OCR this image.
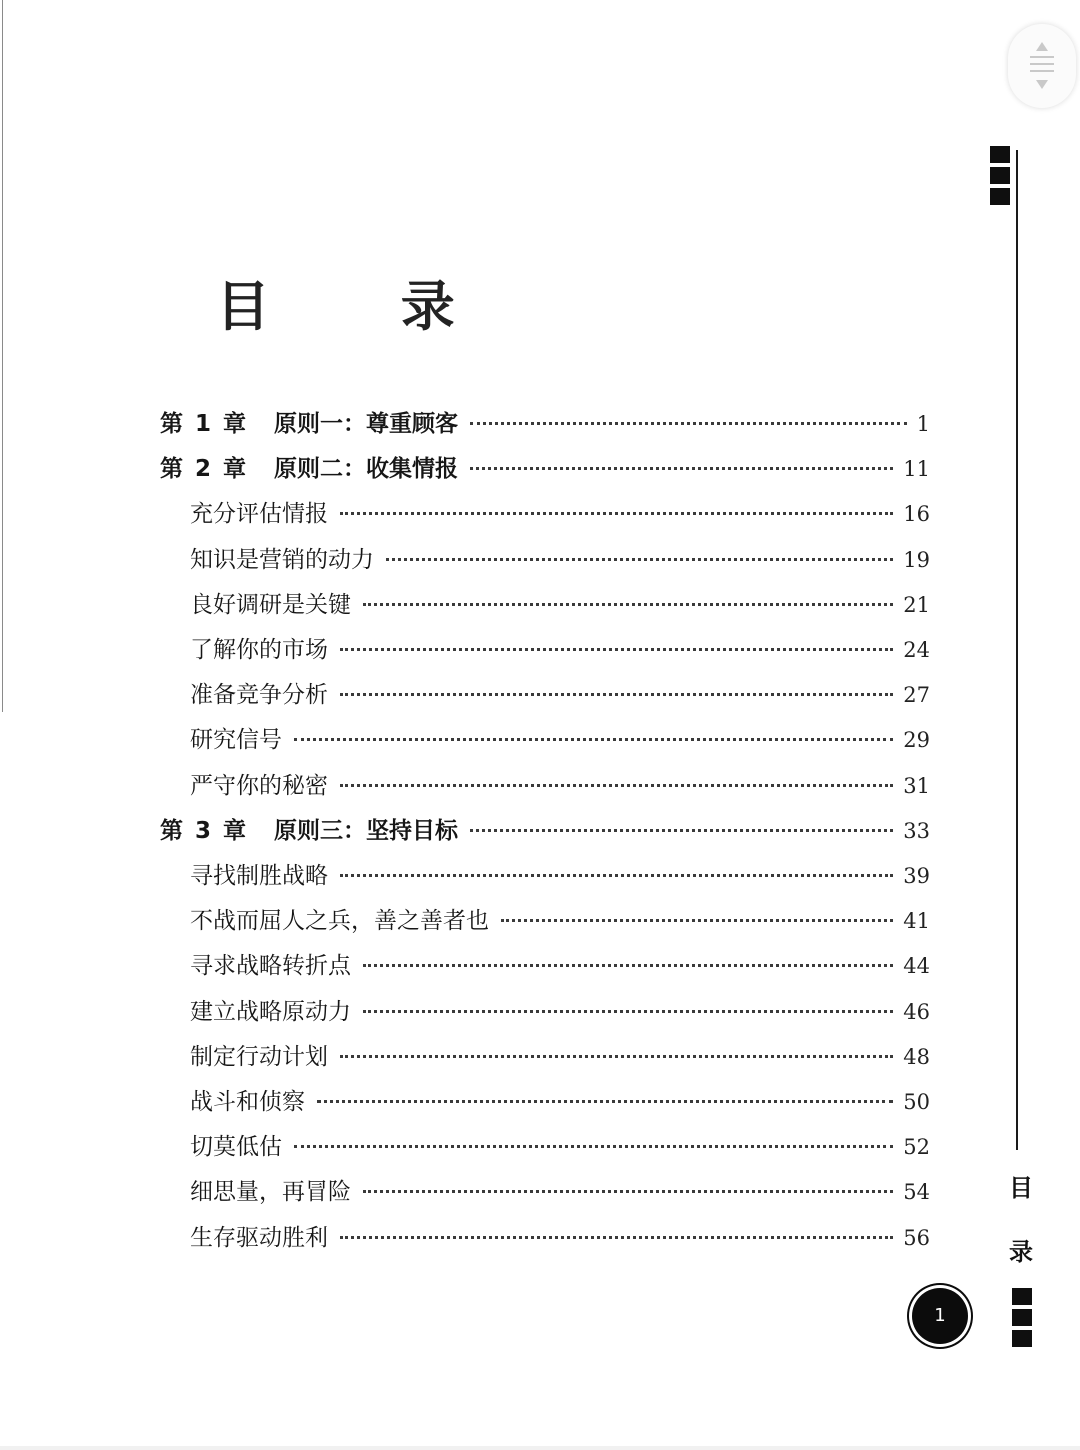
目
录
目 录
第 1 章 原则一：尊重顾客	1
第 2 章 原则二：收集情报	11
充分评估情报	16
知识是营销的动力	19
良好调研是关键	21
了解你的市场	24
准备竞争分析	27
研究信号	29
严守你的秘密	31
第 3 章 原则三：坚持目标	33
寻找制胜战略	39
不战而屈人之兵，善之善者也	41
寻求战略转折点	44
建立战略原动力	46
制定行动计划	48
战斗和侦察	50
切莫低估	52
细思量，再冒险	54
生存驱动胜利	56
1
